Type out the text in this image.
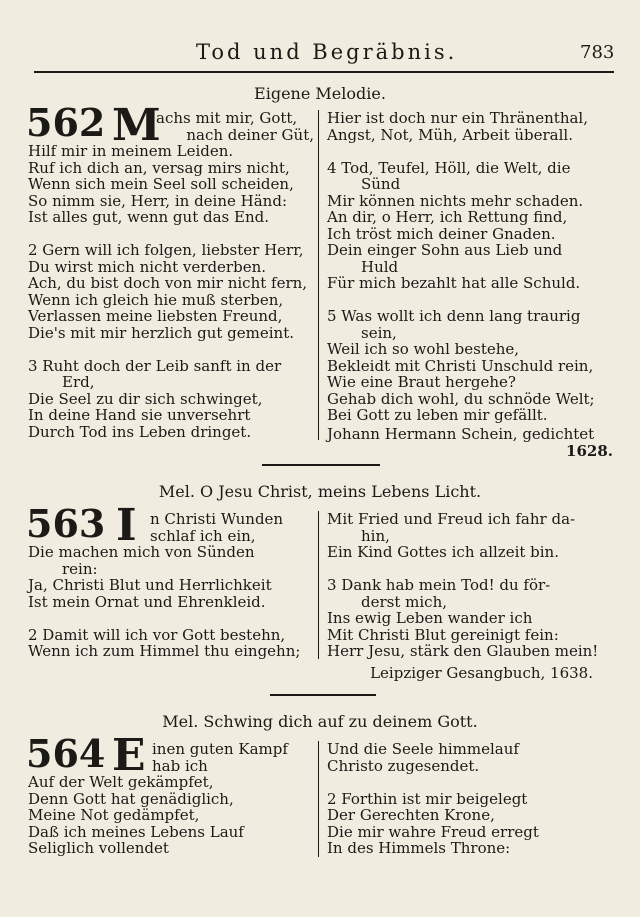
Tod und Begräbnis.	783
Eigene Melodie.
562 M
achs mit mir, Gott,
nach deiner Güt,
Hilf mir in meinem Leiden.
Ruf ich dich an, versag mirs nicht,
Wenn sich mein Seel soll scheiden,
So nimm sie, Herr, in deine Händ:
Ist alles gut, wenn gut das End.
2 Gern will ich folgen, liebster Herr,
Du wirst mich nicht verderben.
Ach, du bist doch von mir nicht fern,
Wenn ich gleich hie muß sterben,
Verlassen meine liebsten Freund,
Die's mit mir herzlich gut gemeint.
3 Ruht doch der Leib sanft in der
Erd,
Die Seel zu dir sich schwinget,
In deine Hand sie unversehrt
Durch Tod ins Leben dringet.
Hier ist doch nur ein Thränenthal,
Angst, Not, Müh, Arbeit überall.
4 Tod, Teufel, Höll, die Welt, die
Sünd
Mir können nichts mehr schaden.
An dir, o Herr, ich Rettung find,
Ich tröst mich deiner Gnaden.
Dein einger Sohn aus Lieb und
Huld
Für mich bezahlt hat alle Schuld.
5 Was wollt ich denn lang traurig
sein,
Weil ich so wohl bestehe,
Bekleidt mit Christi Unschuld rein,
Wie eine Braut hergehe?
Gehab dich wohl, du schnöde Welt;
Bei Gott zu leben mir gefällt.
Johann Hermann Schein, gedichtet
1628.
Mel. O Jesu Christ, meins Lebens Licht.
563 I n Christi Wunden
schlaf ich ein,
Die machen mich von Sünden
rein:
Ja, Christi Blut und Herrlichkeit
Ist mein Ornat und Ehrenkleid.
2 Damit will ich vor Gott bestehn,
Wenn ich zum Himmel thu eingehn;
Mit Fried und Freud ich fahr da-
hin,
Ein Kind Gottes ich allzeit bin.
3 Dank hab mein Tod! du för-
derst mich,
Ins ewig Leben wander ich
Mit Christi Blut gereinigt fein:
Herr Jesu, stärk den Glauben mein!
Leipziger Gesangbuch, 1638.
Mel. Schwing dich auf zu deinem Gott.
564 E inen guten Kampf
hab ich
Auf der Welt gekämpfet,
Denn Gott hat genädiglich,
Meine Not gedämpfet,
Daß ich meines Lebens Lauf
Seliglich vollendet
Und die Seele himmelauf
Christo zugesendet.
2 Forthin ist mir beigelegt
Der Gerechten Krone,
Die mir wahre Freud erregt
In des Himmels Throne:
